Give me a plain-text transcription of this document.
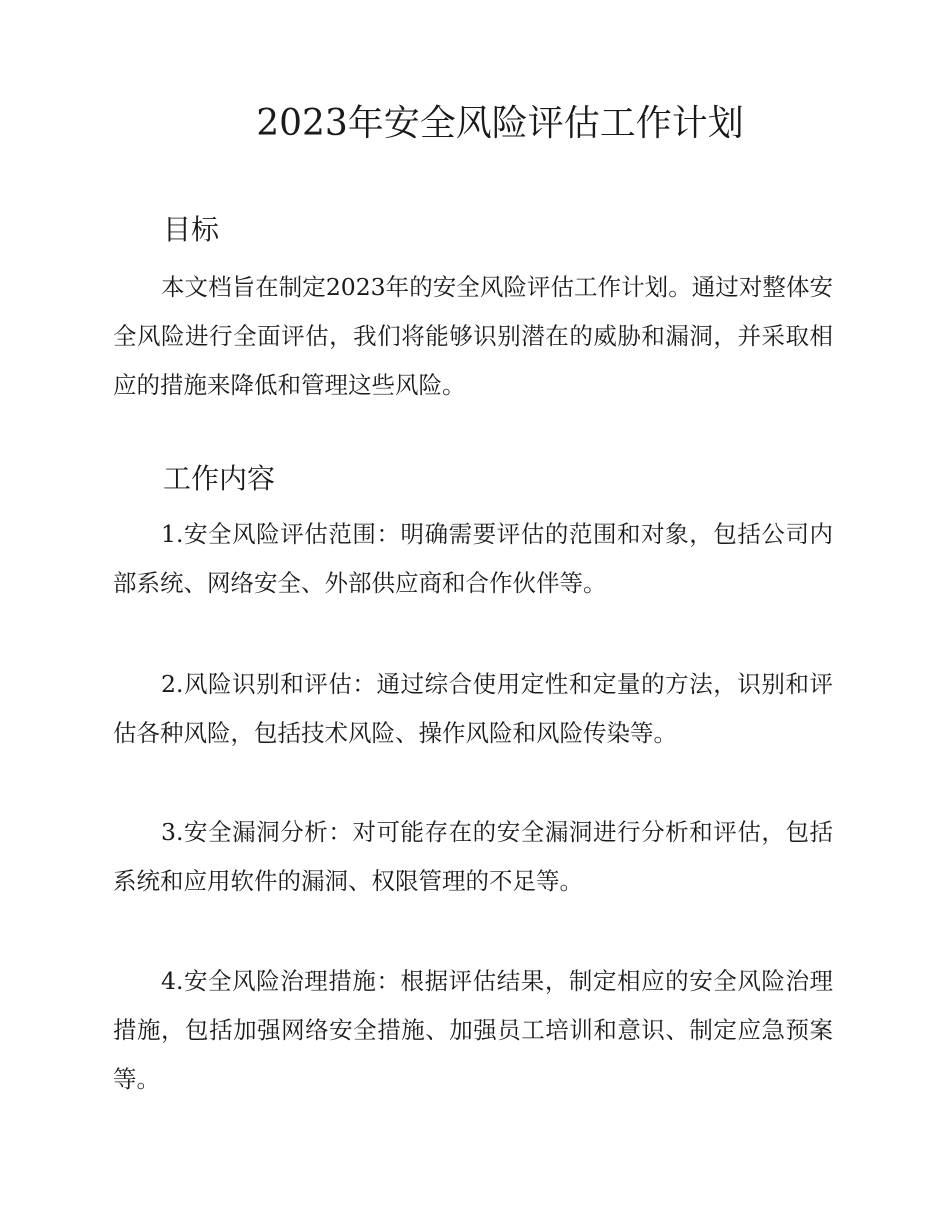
2023年安全风险评估工作计划
目标

本文档旨在制定2023年的安全风险评估工作计划。通过对整体安全风险进行全面评估，我们将能够识别潜在的威胁和漏洞，并采取相应的措施来降低和管理这些风险。

工作内容

1.安全风险评估范围：明确需要评估的范围和对象，包括公司内部系统、网络安全、外部供应商和合作伙伴等。

2.风险识别和评估：通过综合使用定性和定量的方法，识别和评估各种风险，包括技术风险、操作风险和风险传染等。

3.安全漏洞分析：对可能存在的安全漏洞进行分析和评估，包括系统和应用软件的漏洞、权限管理的不足等。

4.安全风险治理措施：根据评估结果，制定相应的安全风险治理措施，包括加强网络安全措施、加强员工培训和意识、制定应急预案等。
